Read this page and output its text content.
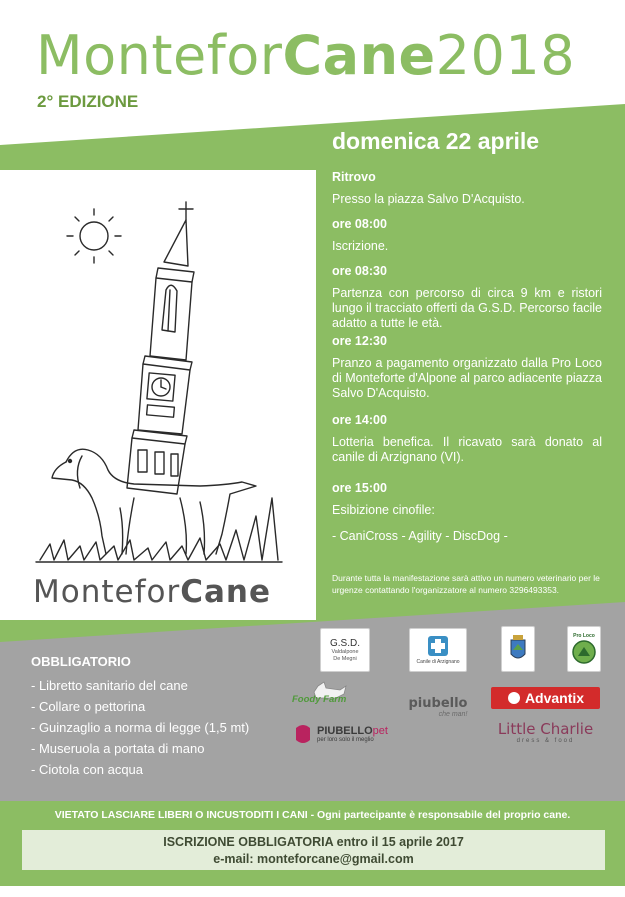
MonteforCane2018
2° EDIZIONE
domenica 22 aprile
Ritrovo
Presso la piazza Salvo D'Acquisto.
ore 08:00
Iscrizione.
ore 08:30
Partenza con percorso di circa 9 km e ristori lungo il tracciato offerti da G.S.D. Percorso facile adatto a tutte le età.
ore 12:30
Pranzo a pagamento organizzato dalla Pro Loco di Monteforte d'Alpone al parco adiacente piazza Salvo D'Acquisto.
ore 14:00
Lotteria benefica. Il ricavato sarà donato al canile di Arzignano (VI).
ore 15:00
Esibizione cinofile:
- CaniCross - Agility - DiscDog -
Durante tutta la manifestazione sarà attivo un numero veterinario per le urgenze contattando l'organizzatore al numero 3296493353.
MonteforCane
OBBLIGATORIO
- Libretto sanitario del cane
- Collare o pettorina
- Guinzaglio a norma di legge (1,5 mt)
- Museruola a portata di mano
- Ciotola con acqua
G.S.D.
Valdalpone
De Megni
Canile di Arzignano
Pro Loco
Foody Farm	piubello
che man!
Advantix
PIUBELLOpet
per loro solo il meglio
Little Charlie
dress & food
VIETATO LASCIARE LIBERI O INCUSTODITI I CANI - Ogni partecipante è responsabile del proprio cane.
ISCRIZIONE OBBLIGATORIA entro il 15 aprile 2017
e-mail: monteforcane@gmail.com
